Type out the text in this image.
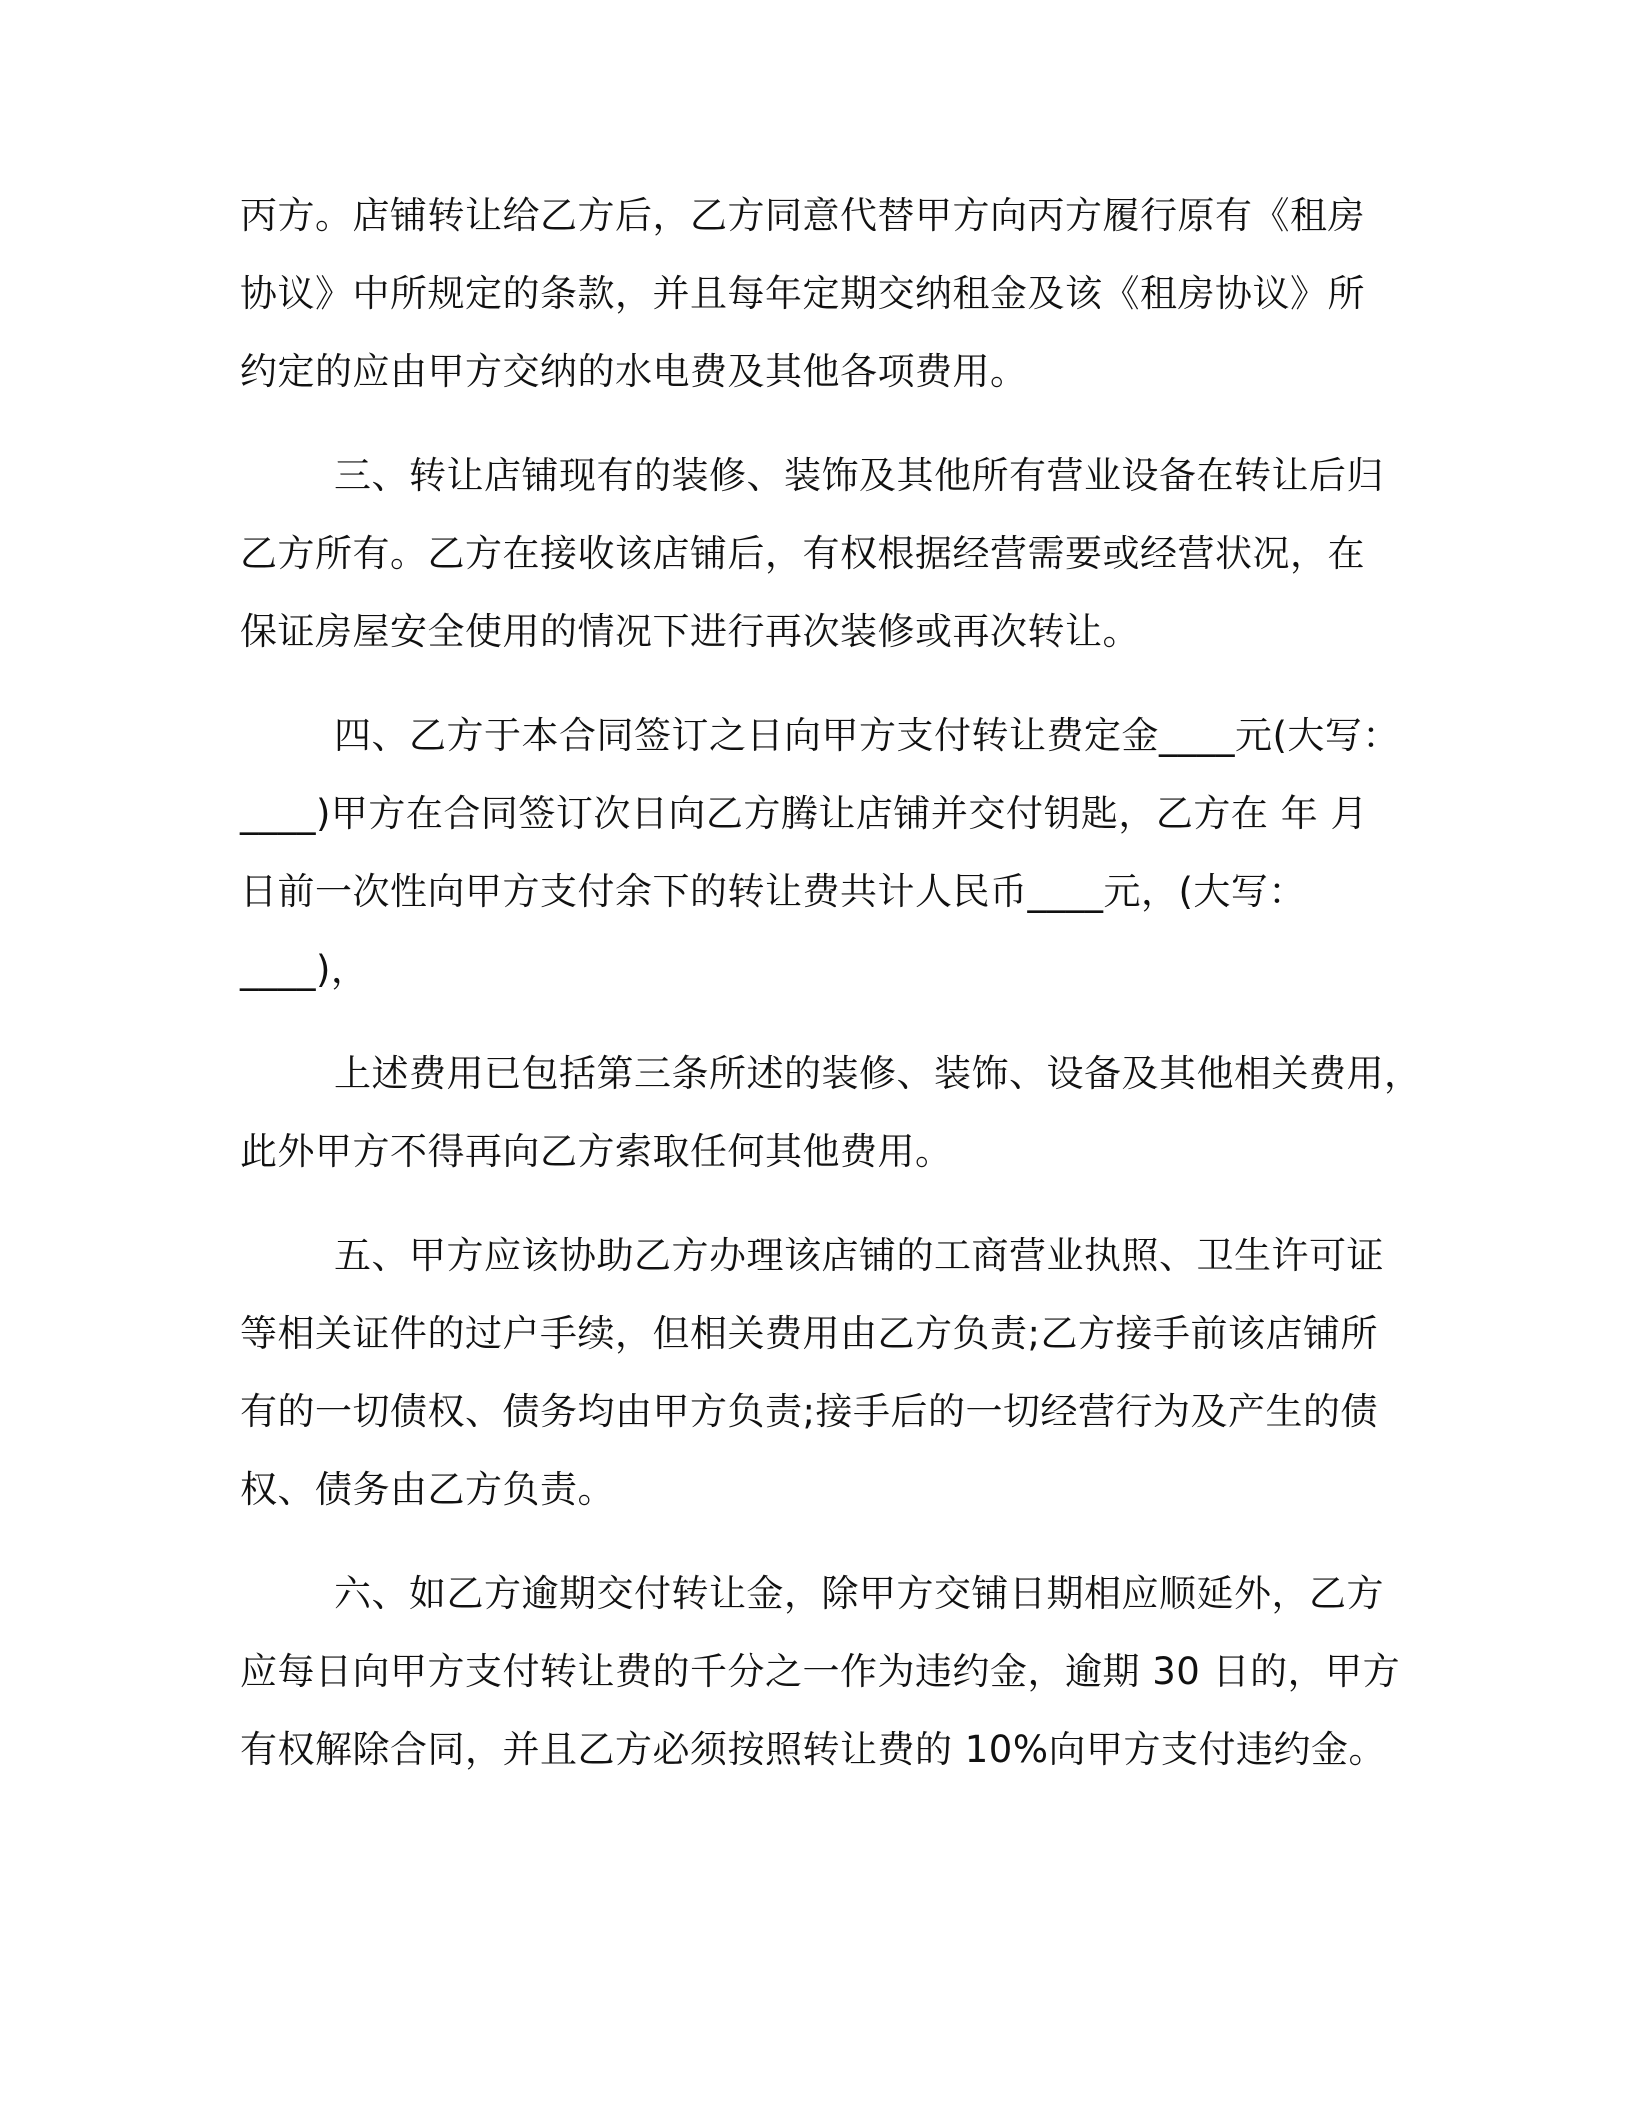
丙方。店铺转让给乙方后，乙方同意代替甲方向丙方履行原有《租房
协议》中所规定的条款，并且每年定期交纳租金及该《租房协议》所
约定的应由甲方交纳的水电费及其他各项费用。
三、转让店铺现有的装修、装饰及其他所有营业设备在转让后归
乙方所有。乙方在接收该店铺后，有权根据经营需要或经营状况，在
保证房屋安全使用的情况下进行再次装修或再次转让。
四、乙方于本合同签订之日向甲方支付转让费定金____元(大写：
____)甲方在合同签订次日向乙方腾让店铺并交付钥匙，乙方在 年 月
日前一次性向甲方支付余下的转让费共计人民币____元，(大写：
____)，
上述费用已包括第三条所述的装修、装饰、设备及其他相关费用，
此外甲方不得再向乙方索取任何其他费用。
五、甲方应该协助乙方办理该店铺的工商营业执照、卫生许可证
等相关证件的过户手续，但相关费用由乙方负责;乙方接手前该店铺所
有的一切债权、债务均由甲方负责;接手后的一切经营行为及产生的债
权、债务由乙方负责。
六、如乙方逾期交付转让金，除甲方交铺日期相应顺延外，乙方
应每日向甲方支付转让费的千分之一作为违约金，逾期 30 日的，甲方
有权解除合同，并且乙方必须按照转让费的 10%向甲方支付违约金。
